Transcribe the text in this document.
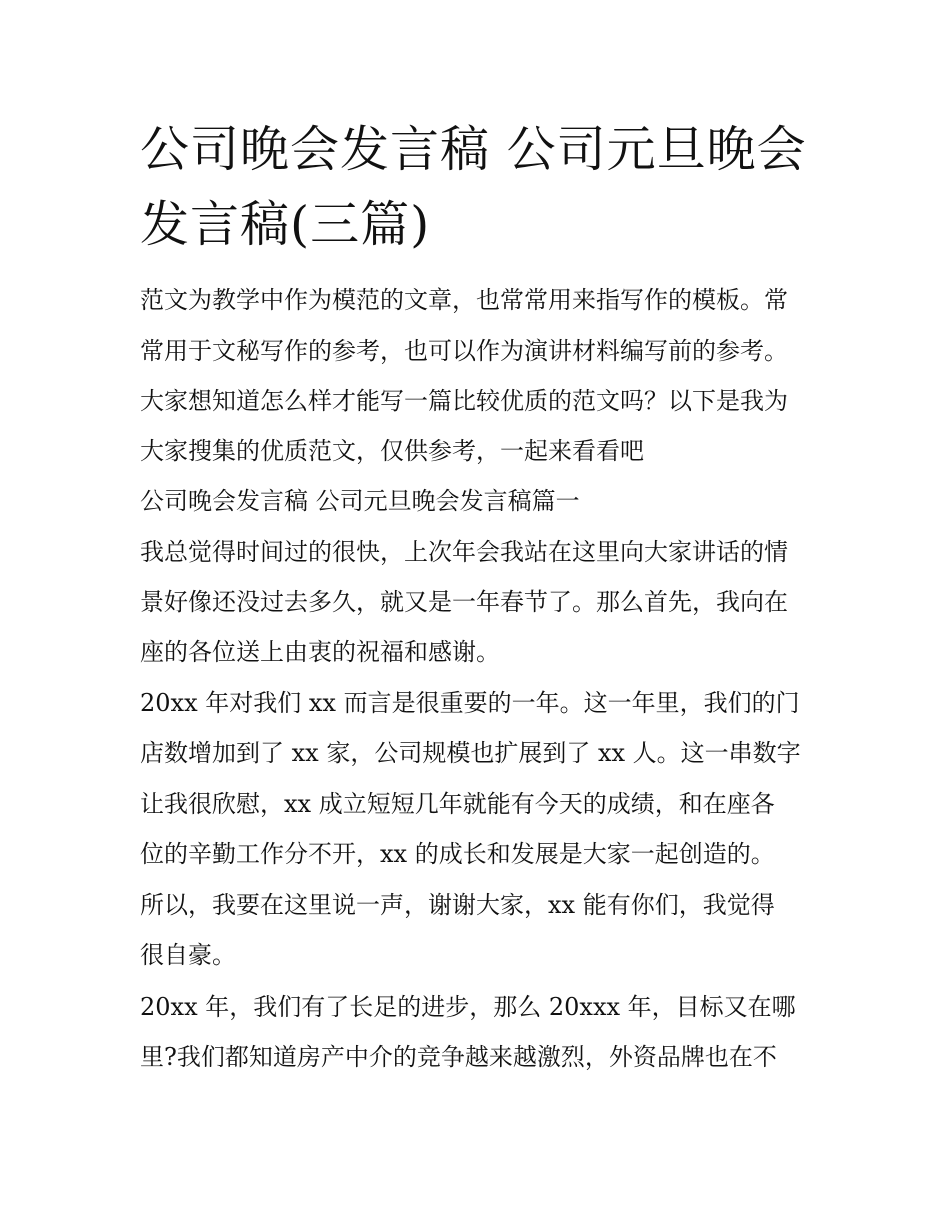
公司晚会发言稿 公司元旦晚会
发言稿(三篇)

范文为教学中作为模范的文章，也常常用来指写作的模板。常

常用于文秘写作的参考，也可以作为演讲材料编写前的参考。

大家想知道怎么样才能写一篇比较优质的范文吗？以下是我为

大家搜集的优质范文，仅供参考，一起来看看吧

公司晚会发言稿 公司元旦晚会发言稿篇一

我总觉得时间过的很快，上次年会我站在这里向大家讲话的情

景好像还没过去多久，就又是一年春节了。那么首先，我向在

座的各位送上由衷的祝福和感谢。

20xx 年对我们 xx 而言是很重要的一年。这一年里，我们的门

店数增加到了 xx 家，公司规模也扩展到了 xx 人。这一串数字

让我很欣慰，xx 成立短短几年就能有今天的成绩，和在座各

位的辛勤工作分不开，xx 的成长和发展是大家一起创造的。

所以，我要在这里说一声，谢谢大家，xx 能有你们，我觉得

很自豪。

20xx 年，我们有了长足的进步，那么 20xxx 年，目标又在哪

里?我们都知道房产中介的竞争越来越激烈，外资品牌也在不
